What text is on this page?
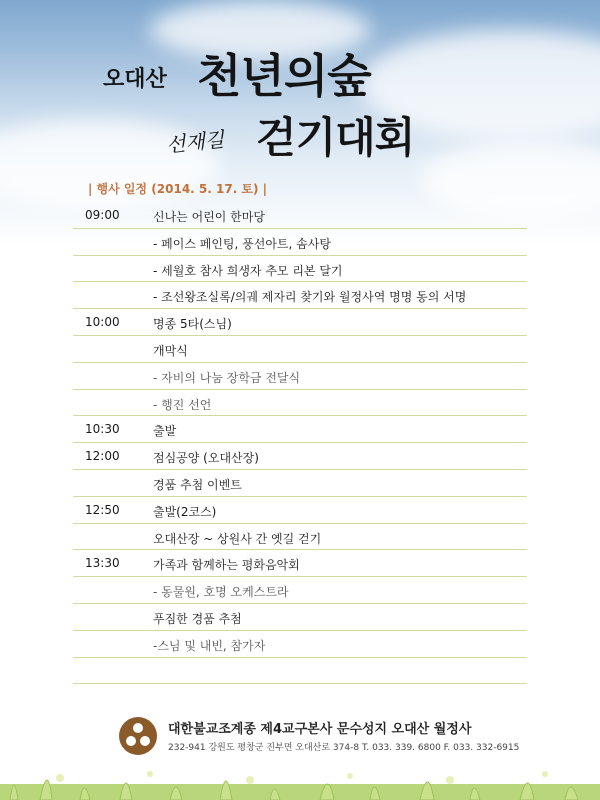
오대산 천년의숲
선재길 걷기대회
| 행사 일정 (2014. 5. 17. 토) |
09:00	신나는 어린이 한마당
- 페이스 페인팅, 풍선아트, 솜사탕
- 세월호 참사 희생자 추모 리본 달기
- 조선왕조실록/의궤 제자리 찾기와 월정사역 명명 동의 서명
10:00	명종 5타(스님)
개막식
- 자비의 나눔 장학금 전달식
- 행진 선언
10:30	출발
12:00	점심공양 (오대산장)
경품 추첨 이벤트
12:50	출발(2코스)
오대산장 ~ 상원사 간 옛길 걷기
13:30	가족과 함께하는 평화음악회
- 동물원, 호명 오케스트라
푸짐한 경품 추첨
-스님 및 내빈, 참가자
대한불교조계종 제4교구본사 문수성지 오대산 월정사
232-941 강원도 평창군 진부면 오대산로 374-8 T. 033. 339. 6800 F. 033. 332-6915
